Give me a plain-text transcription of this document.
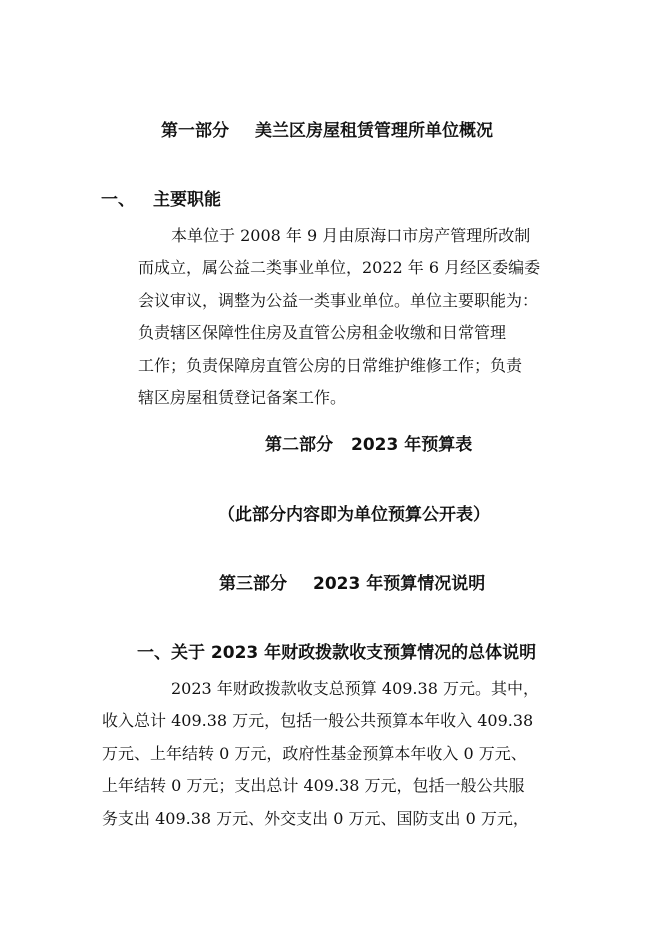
第一部分 美兰区房屋租赁管理所单位概况
一、 主要职能
本单位于 2008 年 9 月由原海口市房产管理所改制
而成立，属公益二类事业单位，2022 年 6 月经区委编委
会议审议，调整为公益一类事业单位。单位主要职能为：
负责辖区保障性住房及直管公房租金收缴和日常管理
工作；负责保障房直管公房的日常维护维修工作；负责
辖区房屋租赁登记备案工作。
第二部分 2023 年预算表

（此部分内容即为单位预算公开表）

第三部分 2023 年预算情况说明
一、关于 2023 年财政拨款收支预算情况的总体说明
2023 年财政拨款收支总预算 409.38 万元。其中，
收入总计 409.38 万元，包括一般公共预算本年收入 409.38
万元、上年结转 0 万元，政府性基金预算本年收入 0 万元、
上年结转 0 万元；支出总计 409.38 万元，包括一般公共服
务支出 409.38 万元、外交支出 0 万元、国防支出 0 万元，
